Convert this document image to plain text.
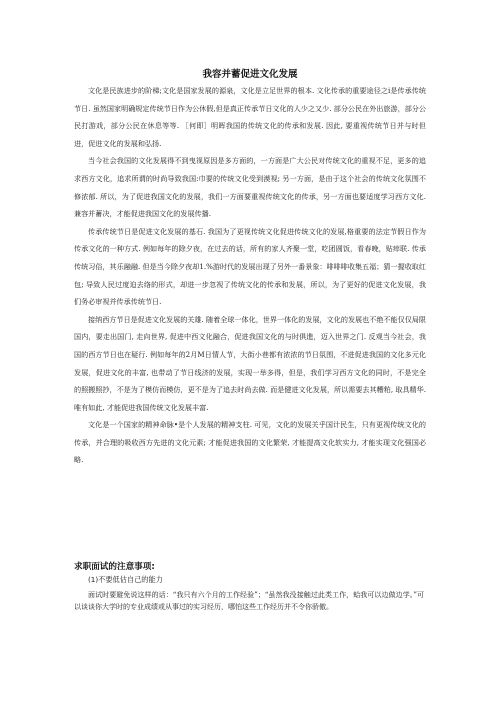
我容并蓄促进文化发展

文化是民族进步的阶梯;文化是国家发展的源泉，文化是立足世界的根本. 文化传承的重要途径之i是传承传统节日. 虽然国家明确规定传统节日作为公休假,但是真正传承节日文化的人少之又少. 部分公民在外出旅游，部分公民打游戏，部分公民在休息等等. ［何即］明晖我国的传统文化的传承和发展. 因此, 要重视传统节日并与时但进，促进文化的发展和弘扬.

当今社会我国的文化发展得不到曳视原因是多方面的，一方面是广大公民对传统文化的重视不足，更多的追求西方文化，追求所谓的时尚导致我国:巾要的传统文化受到漠视; 另一方面，是由于这个社会的传统文化氛围不修浓郁. 所以，为了促进我国文化的发展，我们一方面要重视传统文化的传承，另一方面也要适度学习西方文化. 兼容并蓄决，才能促进我国文化的发展传播.

传承传统节日是促进文化发展的基石. 我国为了更视传统文化促进传统文化的发展,格重要的法定节假日作为传承文化的一种方式. 例如每年的除夕夜，在过去的话，所有的家人齐聚一堂，吃团圆饭，看春晚，贴瘁联. 传承传统习俗，其乐融融. 但是当今除夕夜却1.%游时代的发展出现了另外一番景象：啡啡啡收集五福；猜一握收取红包; 导致人民过度迫去络的形式，却进一步忽视了传统文化的传承和发展，所以，为了更好的促进文化发展，我们务必审视并传承传统节日.

接纳西方节日是促进文化发展的关雄. 随着全球一体化，世界一体化的发展，文化的发展也不绝不能仅仅局限国内，要走出国门, 走向世界, 促进中西文化融合，促进我国文化的与时俱進，迈入世界之门. 反观当今社会，我国的西方节日也在疑行. 例如每年的2月M日情人节，大街小巷都有浓浓的节日氛围，不进促进我国的文化多元化发展，促进文化的丰富, 也带动了节日线济的发展，实现一举多得，但是，我们学习西方文化的同时，不是完全的照搬照抄，不是为了模仿而模仿，更不是为了追去时尚去做. 而是健进文化发展，所以需要去其糟粕, 取具精华. 唯有如此, 才能促进我国传统文化发展丰富.

文化是一个国家的精神命脉•是个人发展的精神支柱. 可见，文化的发展关乎国计民生，只有更视传统文化的传承，并合理的吸收西方先进的文化元素; 才能促进我国的文化繁荣, 才能提高文化软实力, 才能实现文化强国必略.

求职面试的注意事项:

(1)不要低估自己的能力

面试时要避免说这样的话：“我只有六个月的工作经验”；“虽然我没接触过此类工作，蛤我可以边做边学。”可以谈谈你大学时的专业成绩或从事过的实习经历，哪怕这些工作经历并不令你骄傲。
